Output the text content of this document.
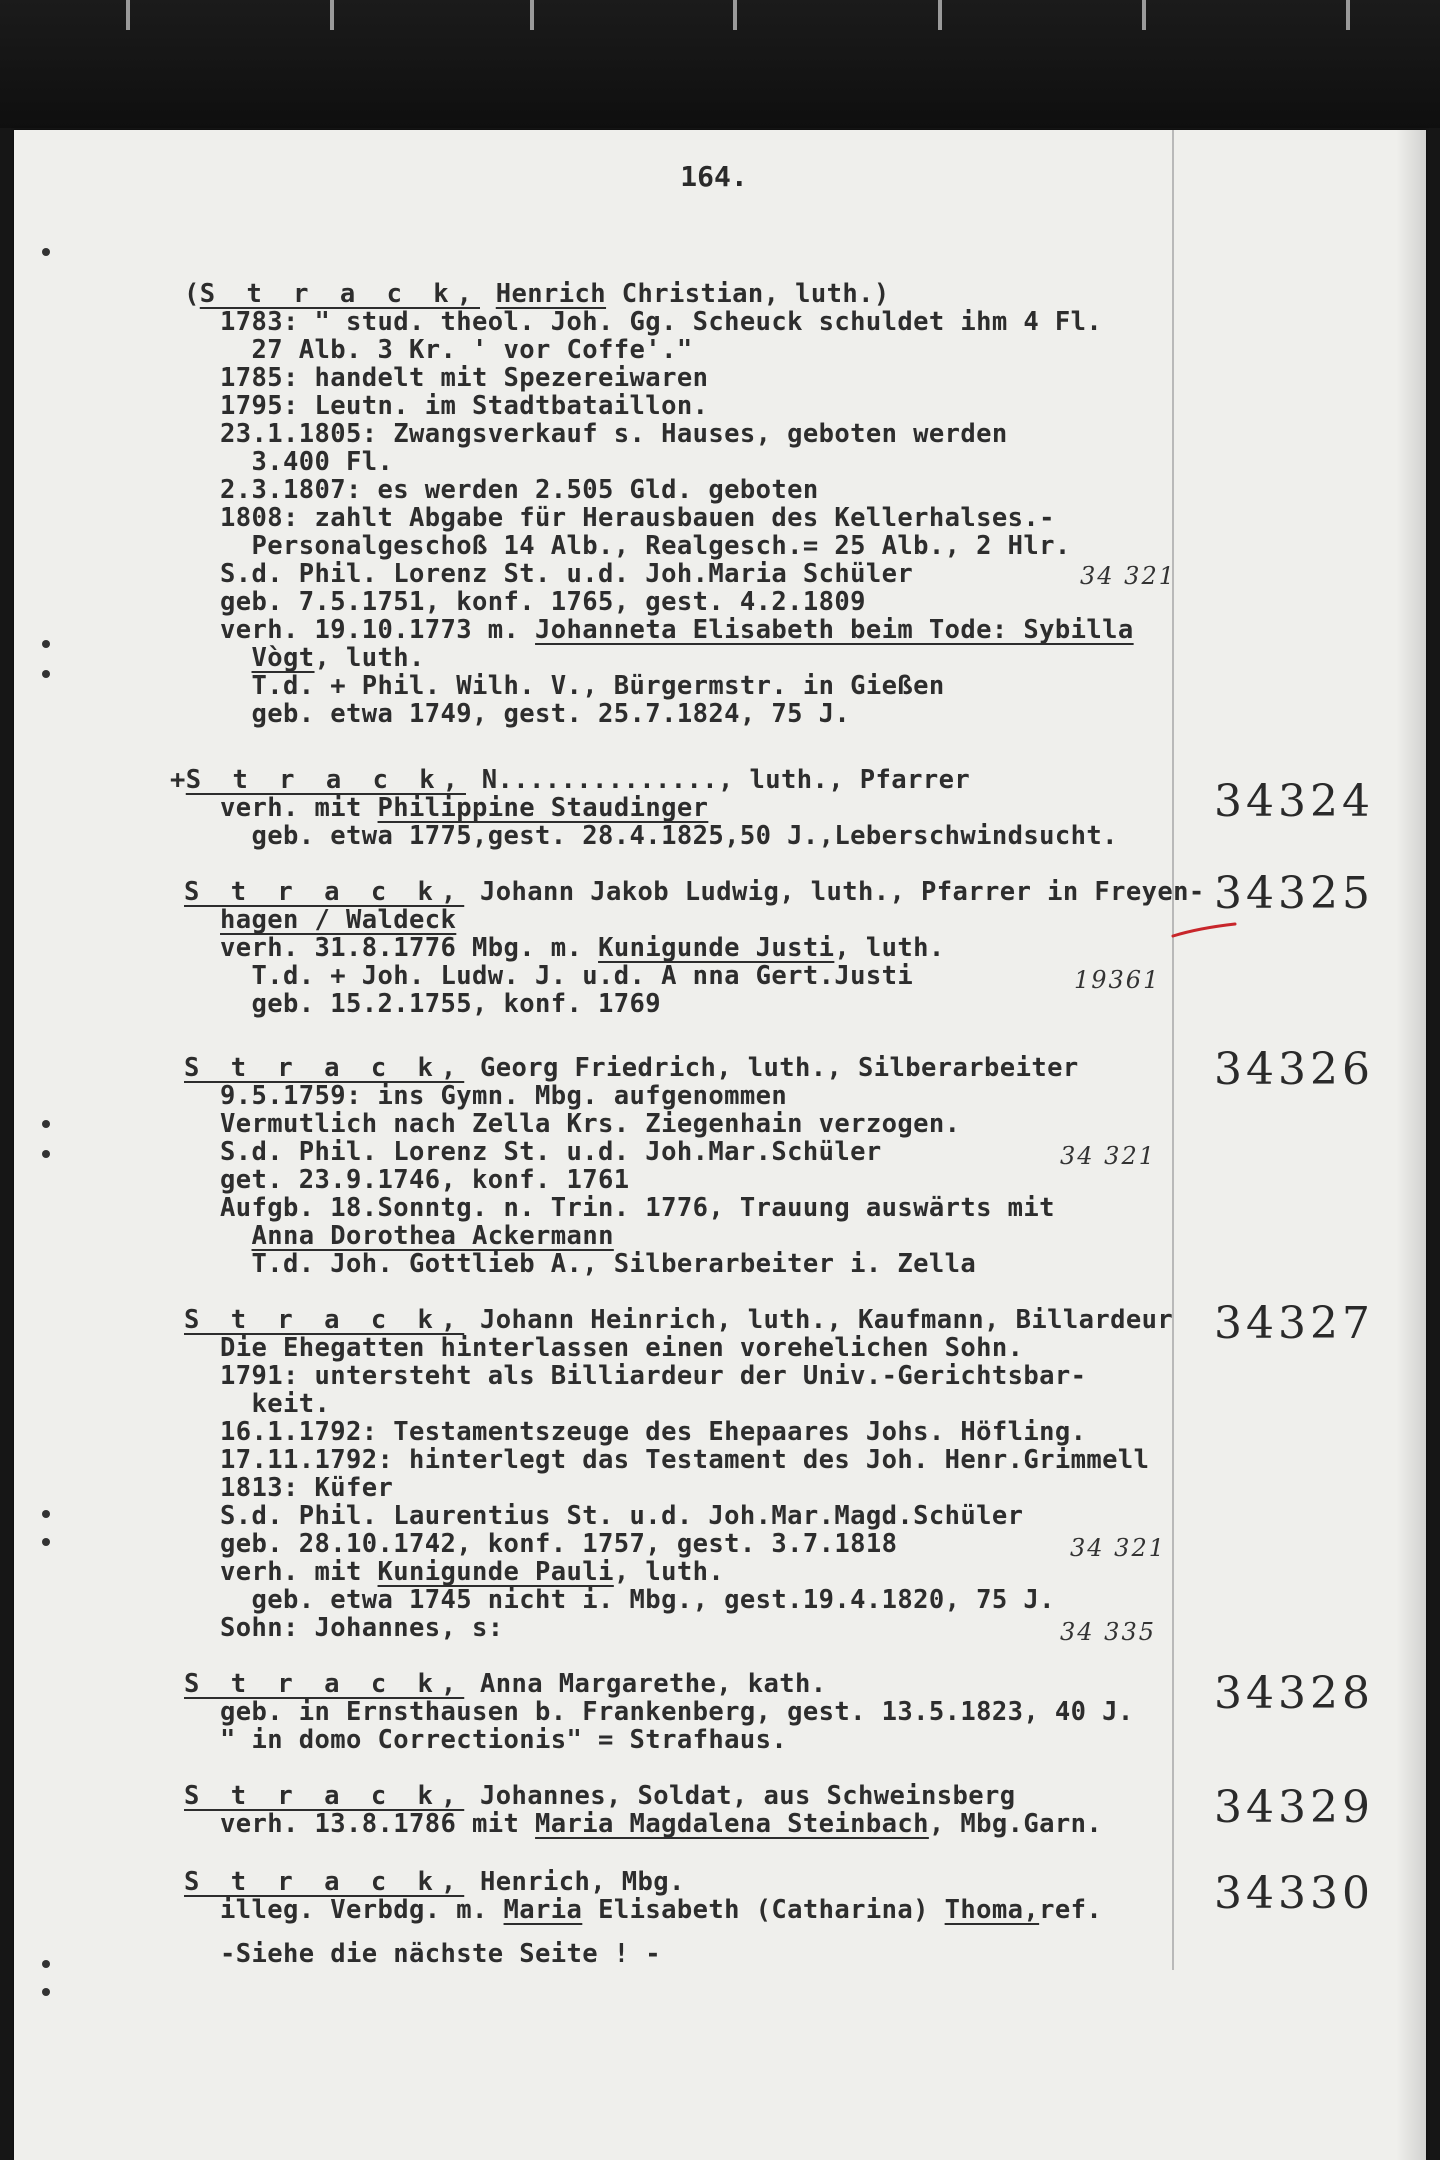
164.
(S t r a c k, Henrich Christian, luth.)
1783: " stud. theol. Joh. Gg. Scheuck schuldet ihm 4 Fl.
27 Alb. 3 Kr. ' vor Coffe'."
1785: handelt mit Spezereiwaren
1795: Leutn. im Stadtbataillon.
23.1.1805: Zwangsverkauf s. Hauses, geboten werden
3.400 Fl.
2.3.1807: es werden 2.505 Gld. geboten
1808: zahlt Abgabe für Herausbauen des Kellerhalses.-
Personalgeschoß 14 Alb., Realgesch.= 25 Alb., 2 Hlr.
S.d. Phil. Lorenz St. u.d. Joh.Maria Schüler
geb. 7.5.1751, konf. 1765, gest. 4.2.1809
verh. 19.10.1773 m. Johanneta Elisabeth beim Tode: Sybilla
Vògt, luth.
T.d. + Phil. Wilh. V., Bürgermstr. in Gießen
geb. etwa 1749, gest. 25.7.1824, 75 J.
34 321
+S t r a c k, N.............., luth., Pfarrer
verh. mit Philippine Staudinger
geb. etwa 1775,gest. 28.4.1825,50 J.,Leberschwindsucht.
34324
S t r a c k, Johann Jakob Ludwig, luth., Pfarrer in Freyen-
hagen / Waldeck
verh. 31.8.1776 Mbg. m. Kunigunde Justi, luth.
T.d. + Joh. Ludw. J. u.d. A nna Gert.Justi
geb. 15.2.1755, konf. 1769
19361
34325
S t r a c k, Georg Friedrich, luth., Silberarbeiter
9.5.1759: ins Gymn. Mbg. aufgenommen
Vermutlich nach Zella Krs. Ziegenhain verzogen.
S.d. Phil. Lorenz St. u.d. Joh.Mar.Schüler
get. 23.9.1746, konf. 1761
Aufgb. 18.Sonntg. n. Trin. 1776, Trauung auswärts mit
Anna Dorothea Ackermann
T.d. Joh. Gottlieb A., Silberarbeiter i. Zella
34 321
34326
S t r a c k, Johann Heinrich, luth., Kaufmann, Billardeur
Die Ehegatten hinterlassen einen vorehelichen Sohn.
1791: untersteht als Billiardeur der Univ.-Gerichtsbar-
keit.
16.1.1792: Testamentszeuge des Ehepaares Johs. Höfling.
17.11.1792: hinterlegt das Testament des Joh. Henr.Grimmell
1813: Küfer
S.d. Phil. Laurentius St. u.d. Joh.Mar.Magd.Schüler
geb. 28.10.1742, konf. 1757, gest. 3.7.1818
verh. mit Kunigunde Pauli, luth.
geb. etwa 1745 nicht i. Mbg., gest.19.4.1820, 75 J.
Sohn: Johannes, s:
34 321
34 335
34327
S t r a c k, Anna Margarethe, kath.
geb. in Ernsthausen b. Frankenberg, gest. 13.5.1823, 40 J.
" in domo Correctionis" = Strafhaus.
34328
S t r a c k, Johannes, Soldat, aus Schweinsberg
verh. 13.8.1786 mit Maria Magdalena Steinbach, Mbg.Garn.	34329
S t r a c k, Henrich, Mbg.
illeg. Verbdg. m. Maria Elisabeth (Catharina) Thoma,ref.
-Siehe die nächste Seite ! -
34330
